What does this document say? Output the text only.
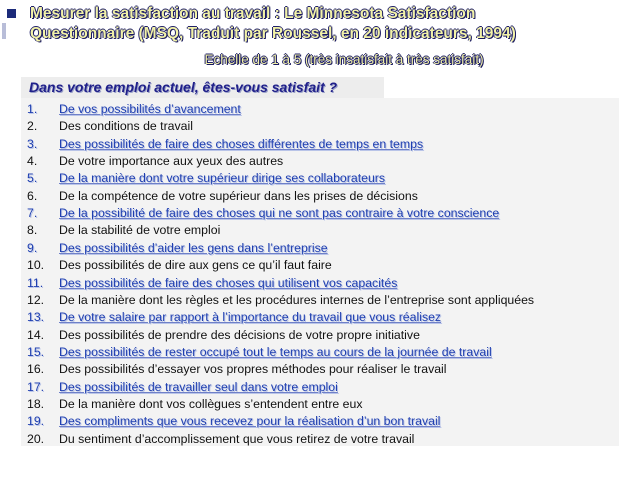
Mesurer la satisfaction au travail : Le Minnesota Satisfaction
Questionnaire (MSQ, Traduit par Roussel, en 20 indicateurs, 1994)
Echelle de 1 à 5 (très insatisfait à très satisfait)
Dans votre emploi actuel, êtes-vous satisfait ?
1. De vos possibilités d’avancement
2. Des conditions de travail
3. Des possibilités de faire des choses différentes de temps en temps
4. De votre importance aux yeux des autres
5. De la manière dont votre supérieur dirige ses collaborateurs
6. De la compétence de votre supérieur dans les prises de décisions
7. De la possibilité de faire des choses qui ne sont pas contraire à votre conscience
8. De la stabilité de votre emploi
9. Des possibilités d’aider les gens dans l’entreprise
10. Des possibilités de dire aux gens ce qu’il faut faire
11. Des possibilités de faire des choses qui utilisent vos capacités
12. De la manière dont les règles et les procédures internes de l’entreprise sont appliquées
13. De votre salaire par rapport à l’importance du travail que vous réalisez
14. Des possibilités de prendre des décisions de votre propre initiative
15. Des possibilités de rester occupé tout le temps au cours de la journée de travail
16. Des possibilités d’essayer vos propres méthodes pour réaliser le travail
17. Des possibilités de travailler seul dans votre emploi
18. De la manière dont vos collègues s’entendent entre eux
19. Des compliments que vous recevez pour la réalisation d’un bon travail
20. Du sentiment d’accomplissement que vous retirez de votre travail
